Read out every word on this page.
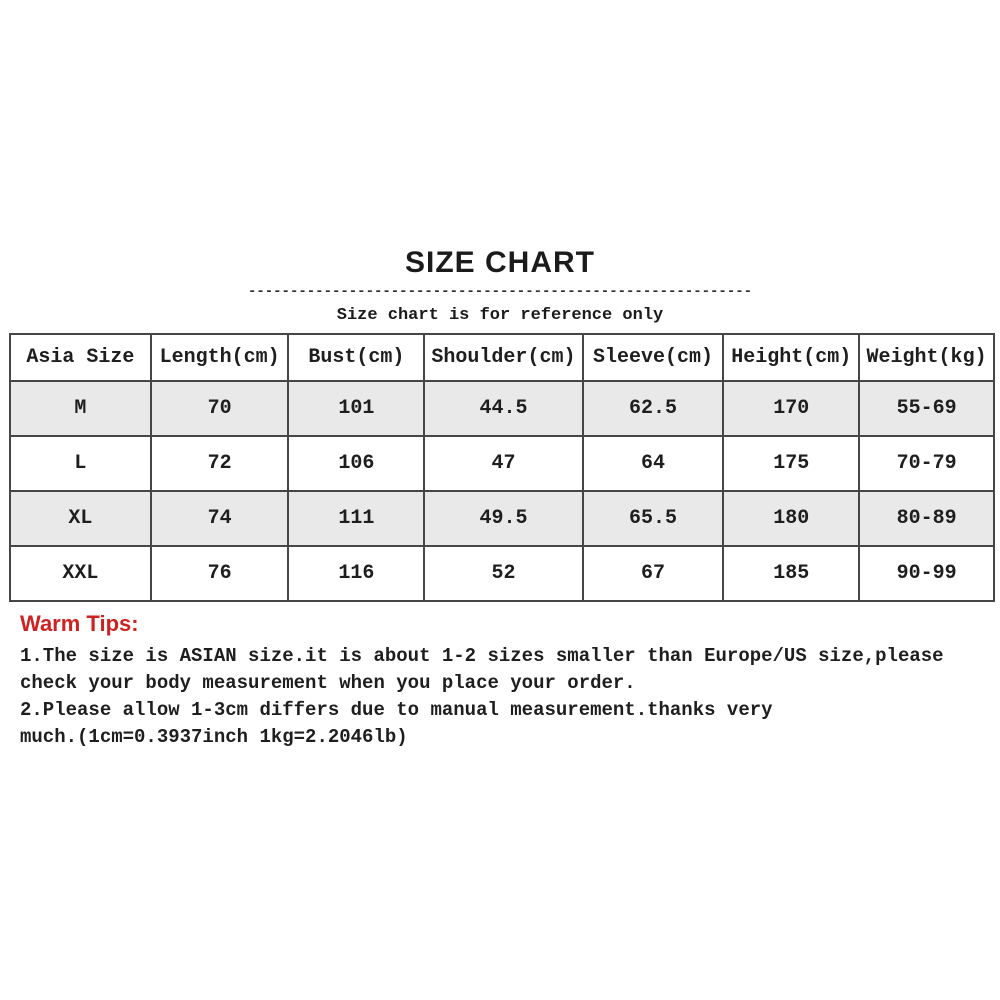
SIZE CHART
------------------------------------------------------------
Size chart is for reference only
Asia Size	Length(cm)	Bust(cm)	Shoulder(cm)	Sleeve(cm)	Height(cm)	Weight(kg)
M	70	101	44.5	62.5	170	55-69
L	72	106	47	64	175	70-79
XL	74	111	49.5	65.5	180	80-89
XXL	76	116	52	67	185	90-99
Warm Tips:
1.The size is ASIAN size.it is about 1-2 sizes smaller than Europe/US size,please
check your body measurement when you place your order.
2.Please allow 1-3cm differs due to manual measurement.thanks very
much.(1cm=0.3937inch 1kg=2.2046lb)
